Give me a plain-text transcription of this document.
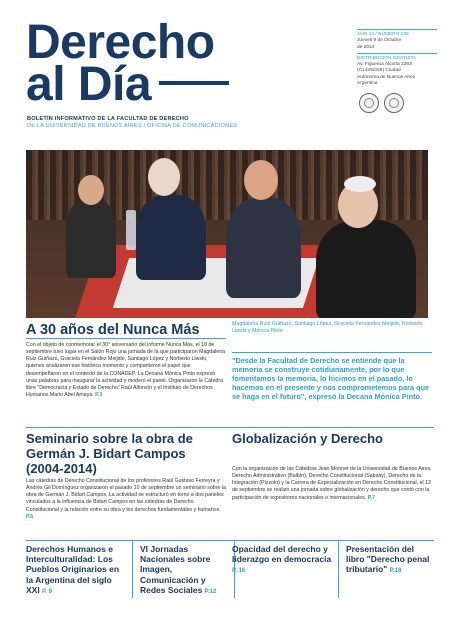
Derecho
al Día
BOLETÍN INFORMATIVO DE LA FACULTAD DE DERECHO
DE LA UNIVERSIDAD DE BUENOS AIRES / OFICINA DE COMUNICACIONES
AÑO 13 / NÚMERO 238
Jueves 9 de Octubre
de 2014
DISTRIBUCIÓN GRATUITA
Av. Figueroa Alcorta 2263
(C1425CKB) Ciudad
Autónoma de Buenos Aires
Argentina
Magdalena Ruiz Guiñazú, Santiago López, Graciela Fernández Meijide, Norberto Liwski y Mónica Pinto
A 30 años del Nunca Más
Con el objeto de conmemorar el 30° aniversario del informe Nunca Más, el 18 de septiembre tuvo lugar en el Salón Rojo una jornada de la que participaron Magdalena Ruiz Guiñazú, Graciela Fernández Meijide, Santiago López y Norberto Liwski, quienes analizaron ese histórico momento y compartieron el papel que desempeñaron en el contexto de la CONADEP. La Decana Mónica Pinto expresó unas palabras para inaugurar la actividad y moderó el panel. Organizaron la Cátedra libre "Democracia y Estado de Derecho" Raúl Alfonsín y el Instituto de Derechos Humanos Mario Abel Amaya. P.3
"Desde la Facultad de Derecho se entiende que la memoria se construye cotidianamente, por lo que fomentamos la memoria, lo hicimos en el pasado, lo hacemos en el presente y nos comprometemos para que se haga en el futuro", expresó la Decana Mónica Pinto.
Seminario sobre la obra de Germán J. Bidart Campos (2004-2014)
Las cátedras de Derecho Constitucional de los profesores Raúl Gustavo Ferreyra y Andrés Gil Domínguez organizaron el pasado 10 de septiembre un seminario sobre la obra de Germán J. Bidart Campos. La actividad se estructuró en torno a dos paneles vinculados a la influencia de Bidart Campos en las cátedras de Derecho Constitucional y la relación entre su obra y los derechos fundamentales y humanos. P.5
Globalización y Derecho
Con la organización de las Cátedras Jean Monnet de la Universidad de Buenos Aires, Derecho Administrativo (Balbín), Derecho Constitucional (Sabsay), Derecho de la Integración (Pizzolo) y la Carrera de Especialización en Derecho Constitucional, el 12 de septiembre se realizó una jornada sobre globalización y derecho que contó con la participación de expositores nacionales e internacionales. P.7
Derechos Humanos e Interculturalidad: Los Pueblos Originarios en la Argentina del siglo XXI P. 9
VI Jornadas Nacionales sobre Imagen, Comunicación y Redes Sociales P.12
Opacidad del derecho y liderazgo en democracia P. 16
Presentación del libro "Derecho penal tributario" P.18
